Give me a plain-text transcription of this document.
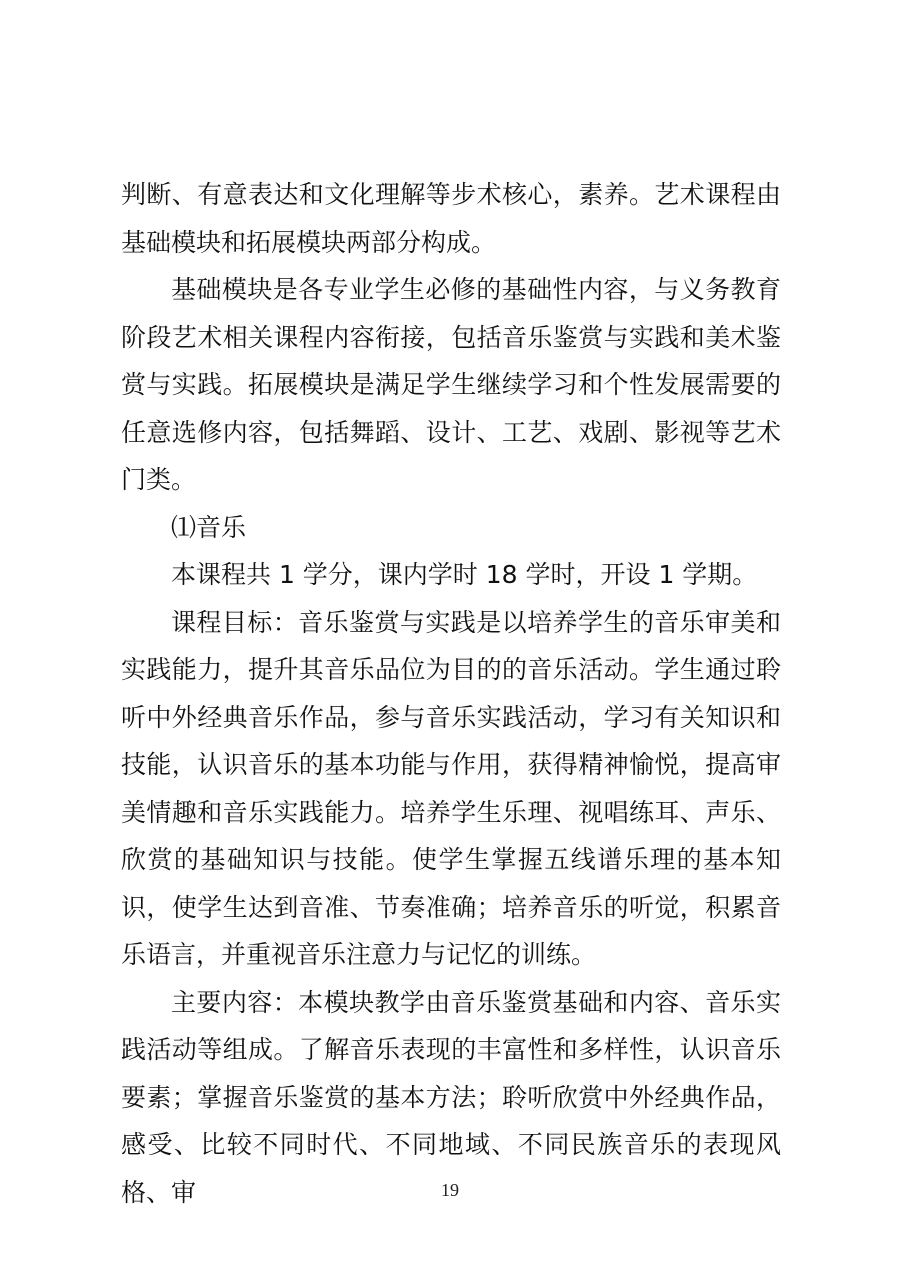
判断、有意表达和文化理解等步术核心，素养。艺术课程由基础模块和拓展模块两部分构成。

基础模块是各专业学生必修的基础性内容，与义务教育阶段艺术相关课程内容衔接，包括音乐鉴赏与实践和美术鉴赏与实践。拓展模块是满足学生继续学习和个性发展需要的任意选修内容，包括舞蹈、设计、工艺、戏剧、影视等艺术门类。

⑴音乐

本课程共 1 学分，课内学时 18 学时，开设 1 学期。

课程目标：音乐鉴赏与实践是以培养学生的音乐审美和实践能力，提升其音乐品位为目的的音乐活动。学生通过聆听中外经典音乐作品，参与音乐实践活动，学习有关知识和技能，认识音乐的基本功能与作用，获得精神愉悦，提高审美情趣和音乐实践能力。培养学生乐理、视唱练耳、声乐、欣赏的基础知识与技能。使学生掌握五线谱乐理的基本知识，使学生达到音准、节奏准确；培养音乐的听觉，积累音乐语言，并重视音乐注意力与记忆的训练。

主要内容：本模块教学由音乐鉴赏基础和内容、音乐实践活动等组成。了解音乐表现的丰富性和多样性，认识音乐要素；掌握音乐鉴赏的基本方法；聆听欣赏中外经典作品，感受、比较不同时代、不同地域、不同民族音乐的表现风格、审	19
